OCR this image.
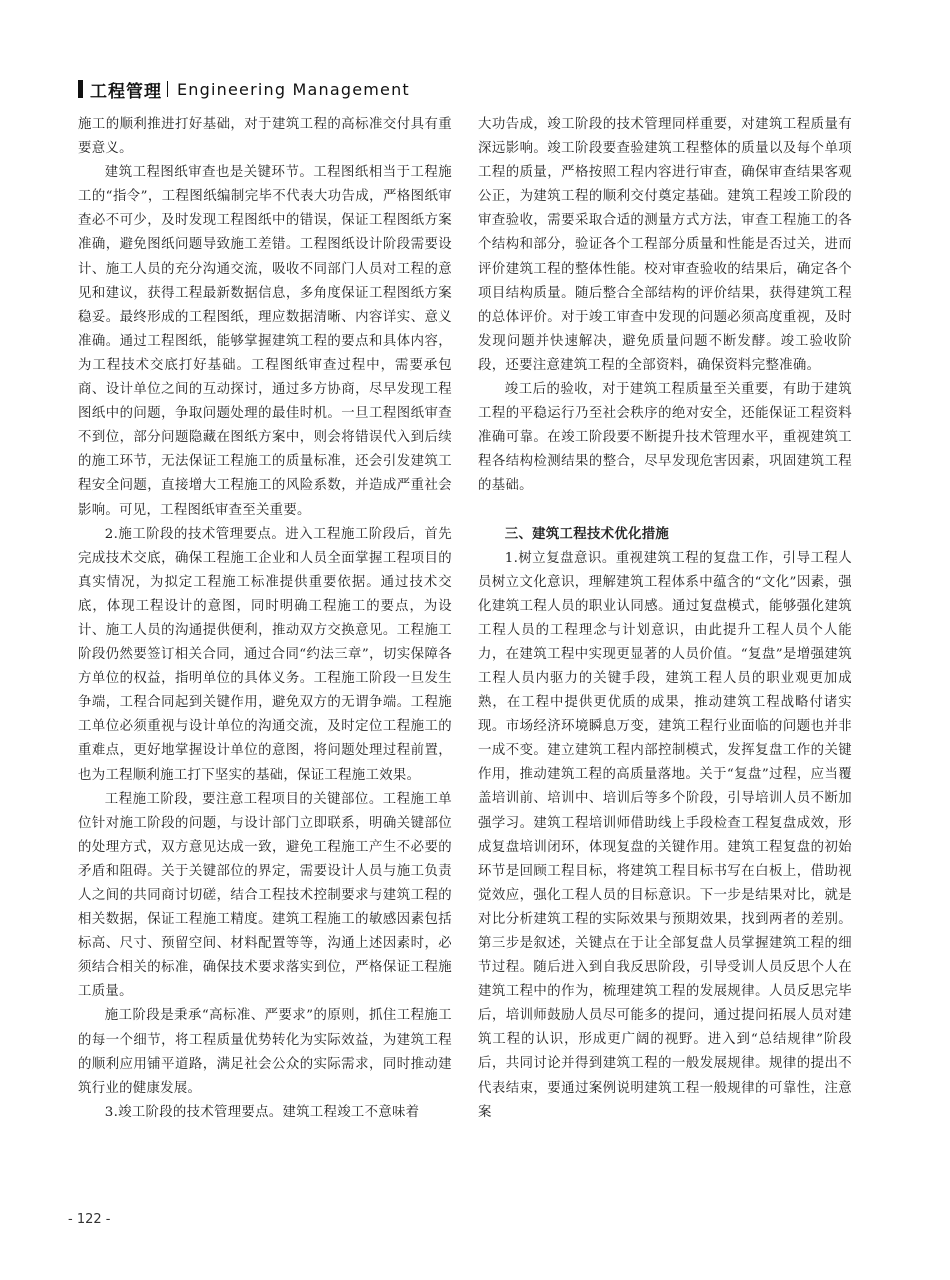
工程管理 Engineering Management

施工的顺利推进打好基础，对于建筑工程的高标准交付具有重要意义。

建筑工程图纸审查也是关键环节。工程图纸相当于工程施工的“指令”，工程图纸编制完毕不代表大功告成，严格图纸审查必不可少，及时发现工程图纸中的错误，保证工程图纸方案准确，避免图纸问题导致施工差错。工程图纸设计阶段需要设计、施工人员的充分沟通交流，吸收不同部门人员对工程的意见和建议，获得工程最新数据信息，多角度保证工程图纸方案稳妥。最终形成的工程图纸，理应数据清晰、内容详实、意义准确。通过工程图纸，能够掌握建筑工程的要点和具体内容，为工程技术交底打好基础。工程图纸审查过程中，需要承包商、设计单位之间的互动探讨，通过多方协商，尽早发现工程图纸中的问题，争取问题处理的最佳时机。一旦工程图纸审查不到位，部分问题隐藏在图纸方案中，则会将错误代入到后续的施工环节，无法保证工程施工的质量标准，还会引发建筑工程安全问题，直接增大工程施工的风险系数，并造成严重社会影响。可见，工程图纸审查至关重要。

2.施工阶段的技术管理要点。进入工程施工阶段后，首先完成技术交底，确保工程施工企业和人员全面掌握工程项目的真实情况，为拟定工程施工标准提供重要依据。通过技术交底，体现工程设计的意图，同时明确工程施工的要点，为设计、施工人员的沟通提供便利，推动双方交换意见。工程施工阶段仍然要签订相关合同，通过合同“约法三章”，切实保障各方单位的权益，指明单位的具体义务。工程施工阶段一旦发生争端，工程合同起到关键作用，避免双方的无谓争端。工程施工单位必须重视与设计单位的沟通交流，及时定位工程施工的重难点，更好地掌握设计单位的意图，将问题处理过程前置，也为工程顺利施工打下坚实的基础，保证工程施工效果。

工程施工阶段，要注意工程项目的关键部位。工程施工单位针对施工阶段的问题，与设计部门立即联系，明确关键部位的处理方式，双方意见达成一致，避免工程施工产生不必要的矛盾和阻碍。关于关键部位的界定，需要设计人员与施工负责人之间的共同商讨切磋，结合工程技术控制要求与建筑工程的相关数据，保证工程施工精度。建筑工程施工的敏感因素包括标高、尺寸、预留空间、材料配置等等，沟通上述因素时，必须结合相关的标准，确保技术要求落实到位，严格保证工程施工质量。

施工阶段是秉承“高标准、严要求”的原则，抓住工程施工的每一个细节，将工程质量优势转化为实际效益，为建筑工程的顺利应用铺平道路，满足社会公众的实际需求，同时推动建筑行业的健康发展。

3.竣工阶段的技术管理要点。建筑工程竣工不意味着

大功告成，竣工阶段的技术管理同样重要，对建筑工程质量有深远影响。竣工阶段要查验建筑工程整体的质量以及每个单项工程的质量，严格按照工程内容进行审查，确保审查结果客观公正，为建筑工程的顺利交付奠定基础。建筑工程竣工阶段的审查验收，需要采取合适的测量方式方法，审查工程施工的各个结构和部分，验证各个工程部分质量和性能是否过关，进而评价建筑工程的整体性能。校对审查验收的结果后，确定各个项目结构质量。随后整合全部结构的评价结果，获得建筑工程的总体评价。对于竣工审查中发现的问题必须高度重视，及时发现问题并快速解决，避免质量问题不断发酵。竣工验收阶段，还要注意建筑工程的全部资料，确保资料完整准确。

竣工后的验收，对于建筑工程质量至关重要，有助于建筑工程的平稳运行乃至社会秩序的绝对安全，还能保证工程资料准确可靠。在竣工阶段要不断提升技术管理水平，重视建筑工程各结构检测结果的整合，尽早发现危害因素，巩固建筑工程的基础。

三、建筑工程技术优化措施

1.树立复盘意识。重视建筑工程的复盘工作，引导工程人员树立文化意识，理解建筑工程体系中蕴含的“文化”因素，强化建筑工程人员的职业认同感。通过复盘模式，能够强化建筑工程人员的工程理念与计划意识，由此提升工程人员个人能力，在建筑工程中实现更显著的人员价值。“复盘”是增强建筑工程人员内驱力的关键手段，建筑工程人员的职业观更加成熟，在工程中提供更优质的成果，推动建筑工程战略付诸实现。市场经济环境瞬息万变，建筑工程行业面临的问题也并非一成不变。建立建筑工程内部控制模式，发挥复盘工作的关键作用，推动建筑工程的高质量落地。关于“复盘”过程，应当覆盖培训前、培训中、培训后等多个阶段，引导培训人员不断加强学习。建筑工程培训师借助线上手段检查工程复盘成效，形成复盘培训闭环，体现复盘的关键作用。建筑工程复盘的初始环节是回顾工程目标，将建筑工程目标书写在白板上，借助视觉效应，强化工程人员的目标意识。下一步是结果对比，就是对比分析建筑工程的实际效果与预期效果，找到两者的差别。第三步是叙述，关键点在于让全部复盘人员掌握建筑工程的细节过程。随后进入到自我反思阶段，引导受训人员反思个人在建筑工程中的作为，梳理建筑工程的发展规律。人员反思完毕后，培训师鼓励人员尽可能多的提问，通过提问拓展人员对建筑工程的认识，形成更广阔的视野。进入到“总结规律”阶段后，共同讨论并得到建筑工程的一般发展规律。规律的提出不代表结束，要通过案例说明建筑工程一般规律的可靠性，注意案

- 122 -
